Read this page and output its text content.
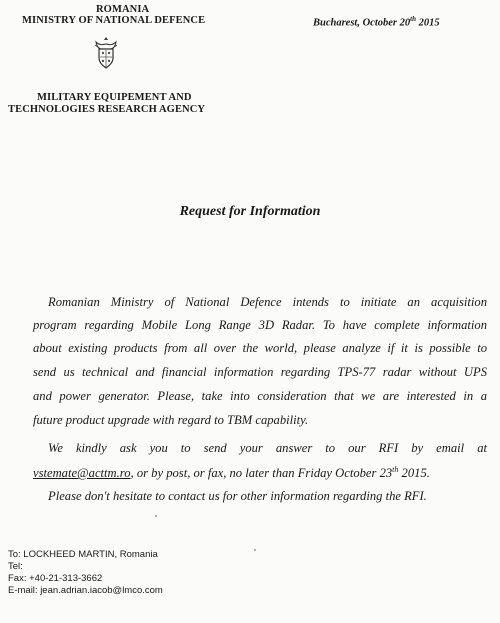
ROMANIA
MINISTRY OF NATIONAL DEFENCE	Bucharest, October 20th 2015
MILITARY EQUIPEMENT AND
TECHNOLOGIES RESEARCH AGENCY
Request for Information
Romanian Ministry of National Defence intends to initiate an acquisition
program regarding Mobile Long Range 3D Radar. To have complete information
about existing products from all over the world, please analyze if it is possible to
send us technical and financial information regarding TPS-77 radar without UPS
and power generator. Please, take into consideration that we are interested in a
future product upgrade with regard to TBM capability.
We kindly ask you to send your answer to our RFI by email at
vstemate@acttm.ro, or by post, or fax, no later than Friday October 23th 2015.
Please don't hesitate to contact us for other information regarding the RFI.
To: LOCKHEED MARTIN, Romania
Tel:
Fax: +40-21-313-3662
E-mail: jean.adrian.iacob@lmco.com
